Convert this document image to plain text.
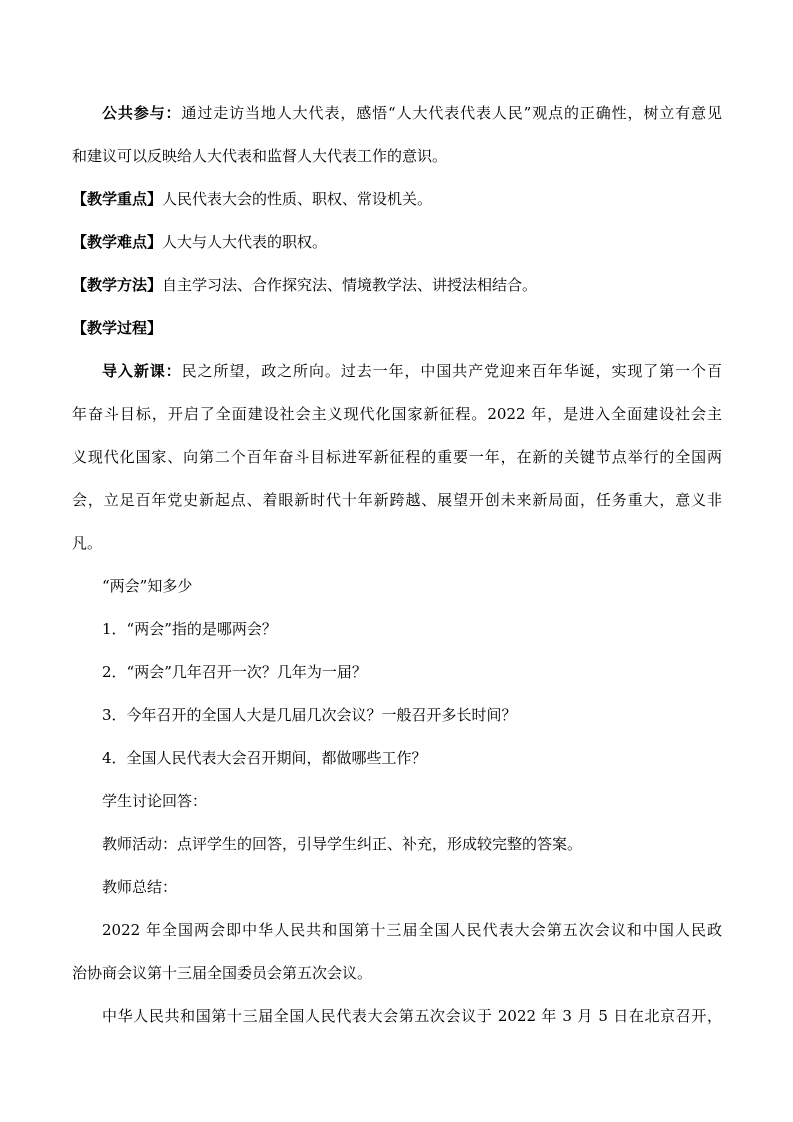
公共参与：通过走访当地人大代表，感悟“人大代表代表人民”观点的正确性，树立有意见
和建议可以反映给人大代表和监督人大代表工作的意识。
【教学重点】人民代表大会的性质、职权、常设机关。
【教学难点】人大与人大代表的职权。
【教学方法】自主学习法、合作探究法、情境教学法、讲授法相结合。
【教学过程】
导入新课：民之所望，政之所向。过去一年，中国共产党迎来百年华诞，实现了第一个百
年奋斗目标，开启了全面建设社会主义现代化国家新征程。2022 年，是进入全面建设社会主
义现代化国家、向第二个百年奋斗目标进军新征程的重要一年，在新的关键节点举行的全国两
会，立足百年党史新起点、着眼新时代十年新跨越、展望开创未来新局面，任务重大，意义非
凡。
“两会”知多少
1．“两会”指的是哪两会？
2．“两会”几年召开一次？几年为一届？
3．今年召开的全国人大是几届几次会议？一般召开多长时间？
4．全国人民代表大会召开期间，都做哪些工作？
学生讨论回答：
教师活动：点评学生的回答，引导学生纠正、补充，形成较完整的答案。
教师总结：
2022 年全国两会即中华人民共和国第十三届全国人民代表大会第五次会议和中国人民政
治协商会议第十三届全国委员会第五次会议。
中华人民共和国第十三届全国人民代表大会第五次会议于 2022 年 3 月 5 日在北京召开，
